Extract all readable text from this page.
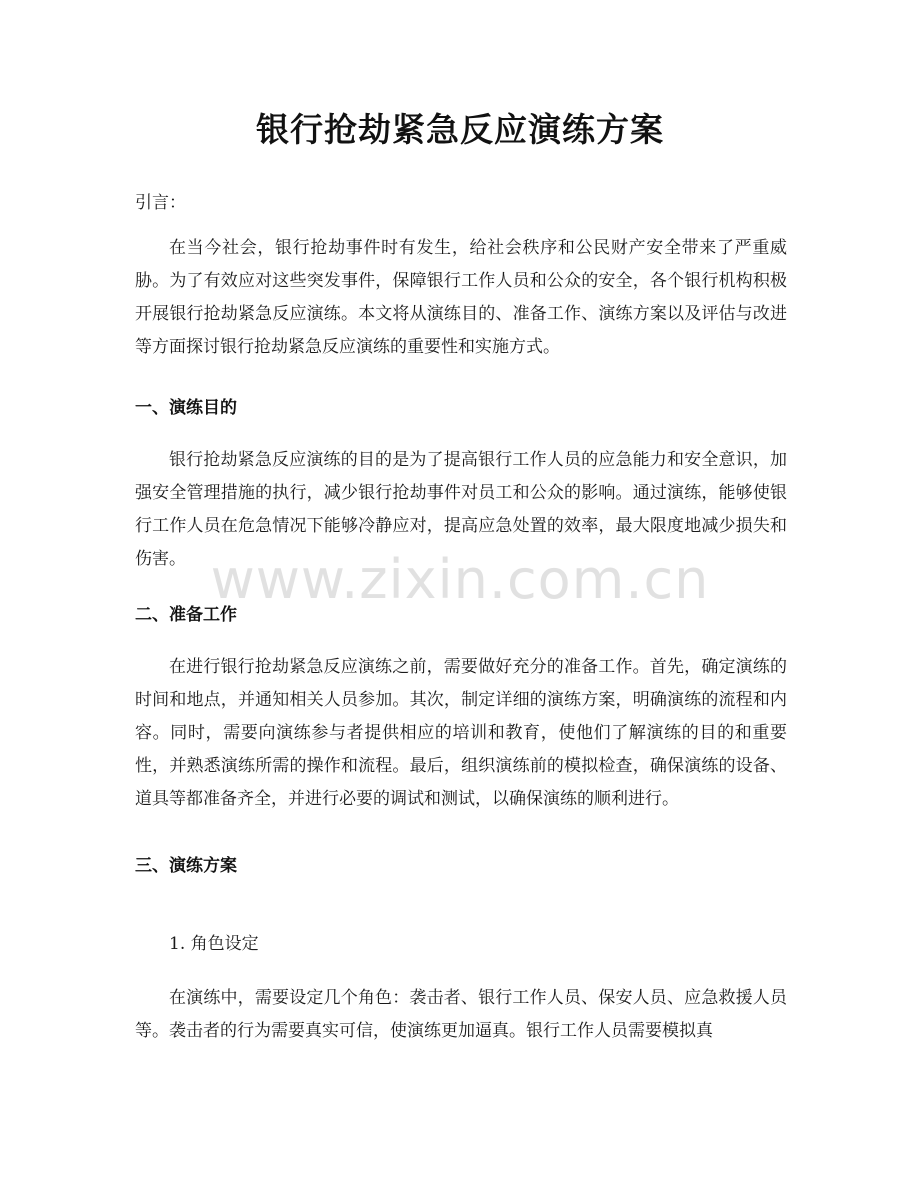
银行抢劫紧急反应演练方案
引言：
在当今社会，银行抢劫事件时有发生，给社会秩序和公民财产安全带来了严重威胁。为了有效应对这些突发事件，保障银行工作人员和公众的安全，各个银行机构积极开展银行抢劫紧急反应演练。本文将从演练目的、准备工作、演练方案以及评估与改进等方面探讨银行抢劫紧急反应演练的重要性和实施方式。
一、演练目的
银行抢劫紧急反应演练的目的是为了提高银行工作人员的应急能力和安全意识，加强安全管理措施的执行，减少银行抢劫事件对员工和公众的影响。通过演练，能够使银行工作人员在危急情况下能够冷静应对，提高应急处置的效率，最大限度地减少损失和伤害。
二、准备工作
在进行银行抢劫紧急反应演练之前，需要做好充分的准备工作。首先，确定演练的时间和地点，并通知相关人员参加。其次，制定详细的演练方案，明确演练的流程和内容。同时，需要向演练参与者提供相应的培训和教育，使他们了解演练的目的和重要性，并熟悉演练所需的操作和流程。最后，组织演练前的模拟检查，确保演练的设备、道具等都准备齐全，并进行必要的调试和测试，以确保演练的顺利进行。
三、演练方案
1. 角色设定
在演练中，需要设定几个角色：袭击者、银行工作人员、保安人员、应急救援人员等。袭击者的行为需要真实可信，使演练更加逼真。银行工作人员需要模拟真
www.zixin.com.cn
